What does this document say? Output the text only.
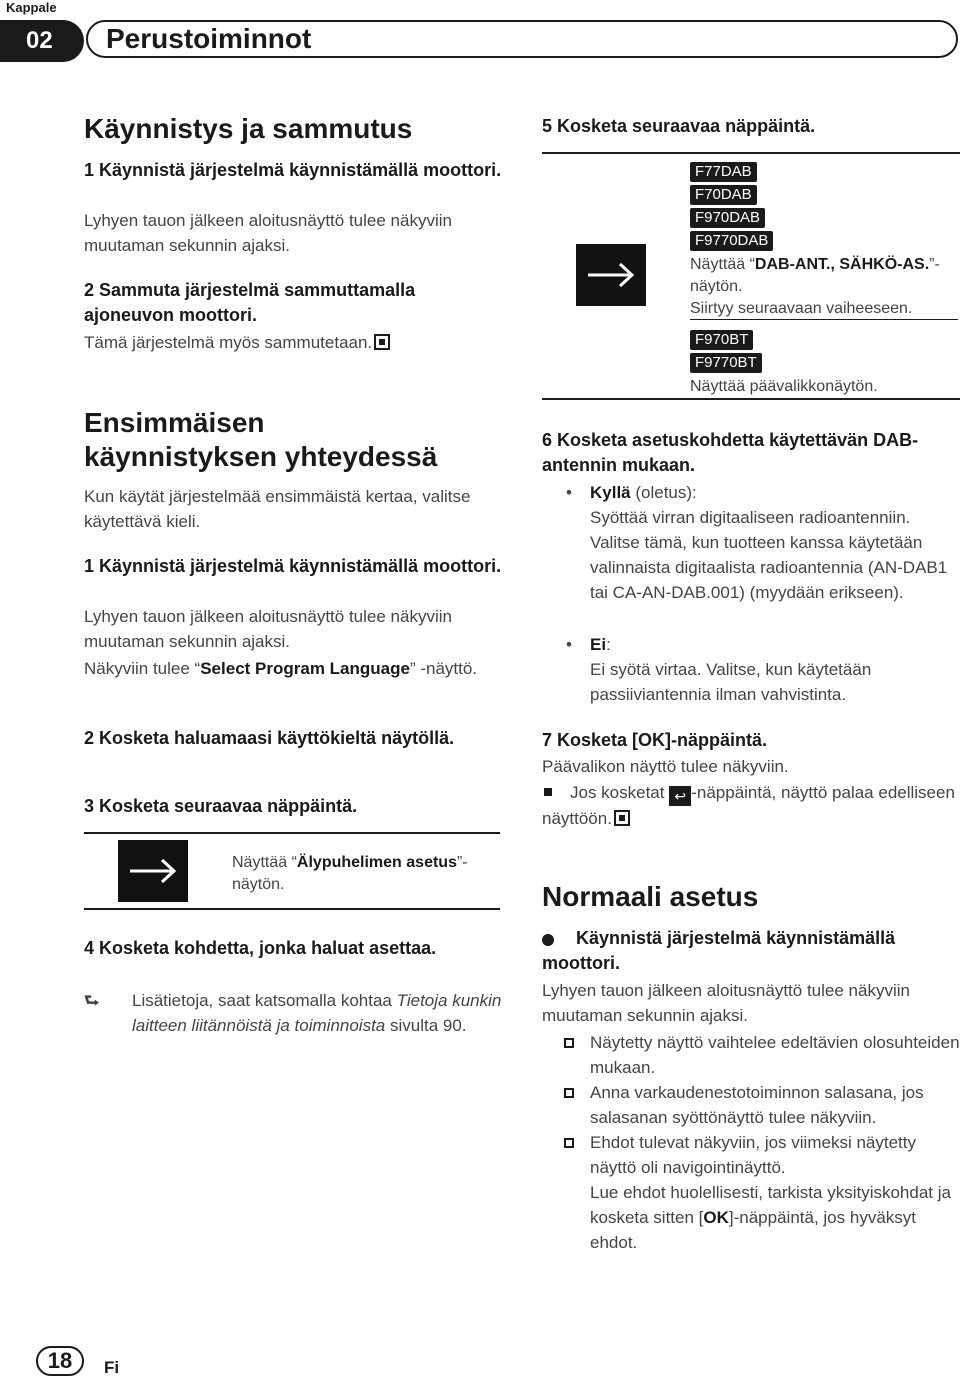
Kappale
02	Perustoiminnot
Käynnistys ja sammutus
1 Käynnistä järjestelmä käynnistämällä moottori.
Lyhyen tauon jälkeen aloitusnäyttö tulee näkyviin muutaman sekunnin ajaksi.
2 Sammuta järjestelmä sammuttamalla ajoneuvon moottori.
Tämä järjestelmä myös sammutetaan.
Ensimmäisen
käynnistyksen yhteydessä
Kun käytät järjestelmää ensimmäistä kertaa, valitse käytettävä kieli.
1 Käynnistä järjestelmä käynnistämällä moottori.
Lyhyen tauon jälkeen aloitusnäyttö tulee näkyviin muutaman sekunnin ajaksi.
Näkyviin tulee “Select Program Language” -näyttö.
2 Kosketa haluamaasi käyttökieltä näytöllä.
3 Kosketa seuraavaa näppäintä.
Näyttää “Älypuhelimen asetus”-näytön.
4 Kosketa kohdetta, jonka haluat asettaa.
⮑ Lisätietoja, saat katsomalla kohtaa Tietoja kunkin laitteen liitännöistä ja toiminnoista sivulta 90.
5 Kosketa seuraavaa näppäintä.
F77DAB
F70DAB
F970DAB
F9770DAB
Näyttää “DAB-ANT., SÄHKÖ-AS.”-näytön.
Siirtyy seuraavaan vaiheeseen.
F970BT
F9770BT
Näyttää päävalikkonäytön.
6 Kosketa asetuskohdetta käytettävän DAB-antennin mukaan.
•	Kyllä (oletus):
Syöttää virran digitaaliseen radioantenniin. Valitse tämä, kun tuotteen kanssa käytetään valinnaista digitaalista radioantennia (AN-DAB1 tai CA-AN-DAB.001) (myydään erikseen).
•	Ei:
Ei syötä virtaa. Valitse, kun käytetään passiiviantennia ilman vahvistinta.
7 Kosketa [OK]-näppäintä.
Päävalikon näyttö tulee näkyviin.
Jos kosketat ↩ -näppäintä, näyttö palaa edelliseen näyttöön.
Normaali asetus
Käynnistä järjestelmä käynnistämällä moottori.
Lyhyen tauon jälkeen aloitusnäyttö tulee näkyviin muutaman sekunnin ajaksi.
Näytetty näyttö vaihtelee edeltävien olosuhteiden mukaan.
Anna varkaudenestotoiminnon salasana, jos salasanan syöttönäyttö tulee näkyviin.
Ehdot tulevat näkyviin, jos viimeksi näytetty näyttö oli navigointinäyttö.
Lue ehdot huolellisesti, tarkista yksityiskohdat ja kosketa sitten [OK]-näppäintä, jos hyväksyt ehdot.
18	Fi
